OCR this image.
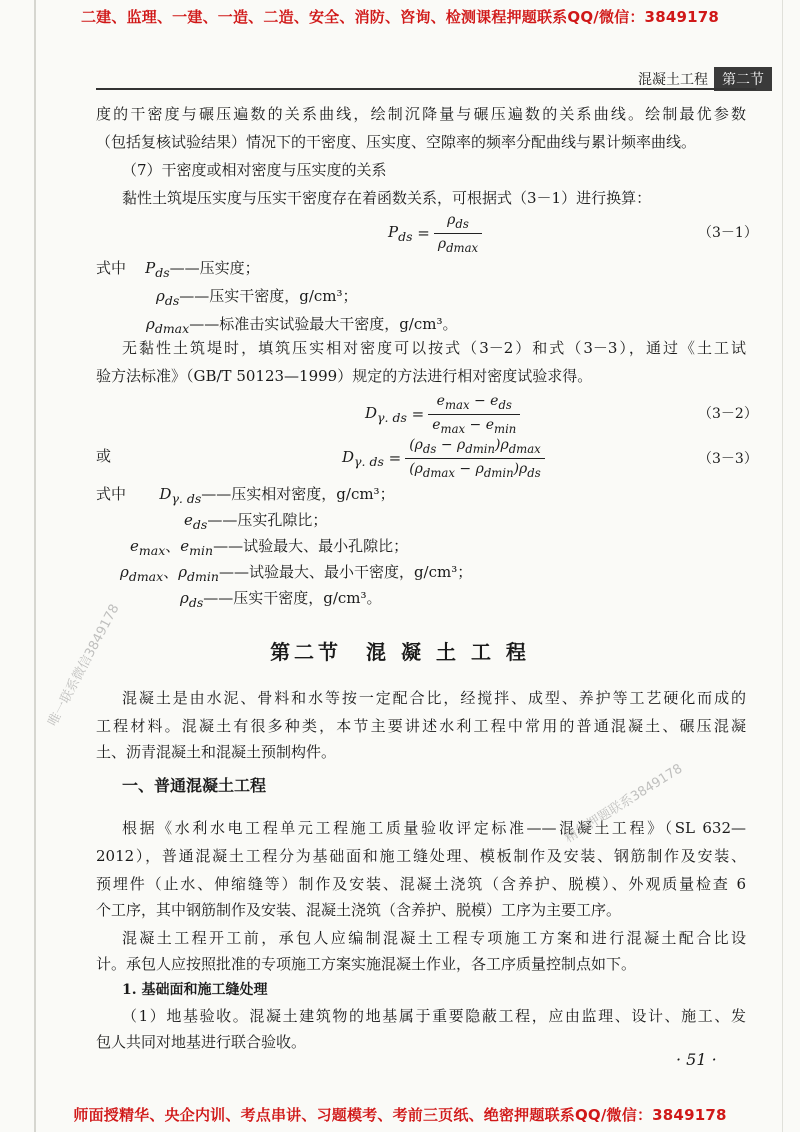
二建、监理、一建、一造、二造、安全、消防、咨询、检测课程押题联系QQ/微信：3849178
混凝土工程	第二节
度的干密度与碾压遍数的关系曲线，绘制沉降量与碾压遍数的关系曲线。绘制最优参数
（包括复核试验结果）情况下的干密度、压实度、空隙率的频率分配曲线与累计频率曲线。
（7）干密度或相对密度与压实度的关系
黏性土筑堤压实度与压实干密度存在着函数关系，可根据式（3－1）进行换算：
$P_{ds} = \frac{\rho_{ds}}{\rho_{dmax}}$	（3－1）
式中 $P_{ds}——$压实度；
$\rho_{ds}——$压实干密度，g/cm³；
$\rho_{dmax}——$标准击实试验最大干密度，g/cm³。
无黏性土筑堤时，填筑压实相对密度可以按式（3－2）和式（3－3），通过《土工试
验方法标准》（GB/T 50123—1999）规定的方法进行相对密度试验求得。
$D_{\gamma. ds} = \frac{e_{max} - e_{ds}}{e_{max} - e_{min}}$	（3－2）
或	$D_{\gamma. ds} = \frac{(\rho_{ds} - \rho_{dmin})\rho_{dmax}}{(\rho_{dmax} - \rho_{dmin})\rho_{ds}}$	（3－3）
式中 $D_{\gamma. ds}——$压实相对密度，g/cm³；
$e_{ds}——$压实孔隙比；
$e_{max}$、$e_{min}——$试验最大、最小孔隙比；
$\rho_{dmax}$、$\rho_{dmin}——$试验最大、最小干密度，g/cm³；
$\rho_{ds}——$压实干密度，g/cm³。
第二节　混 凝 土 工 程
混凝土是由水泥、骨料和水等按一定配合比，经搅拌、成型、养护等工艺硬化而成的
工程材料。混凝土有很多种类，本节主要讲述水利工程中常用的普通混凝土、碾压混凝
土、沥青混凝土和混凝土预制构件。
一、普通混凝土工程
根据《水利水电工程单元工程施工质量验收评定标准——混凝土工程》（SL 632—
2012），普通混凝土工程分为基础面和施工缝处理、模板制作及安装、钢筋制作及安装、
预埋件（止水、伸缩缝等）制作及安装、混凝土浇筑（含养护、脱模）、外观质量检查 6
个工序，其中钢筋制作及安装、混凝土浇筑（含养护、脱模）工序为主要工序。
混凝土工程开工前，承包人应编制混凝土工程专项施工方案和进行混凝土配合比设
计。承包人应按照批准的专项施工方案实施混凝土作业，各工序质量控制点如下。
1. 基础面和施工缝处理
（1）地基验收。混凝土建筑物的地基属于重要隐蔽工程，应由监理、设计、施工、发
包人共同对地基进行联合验收。
唯一联系微信3849178
精华押题联系3849178
· 51 ·
师面授精华、央企内训、考点串讲、习题模考、考前三页纸、绝密押题联系QQ/微信：3849178
